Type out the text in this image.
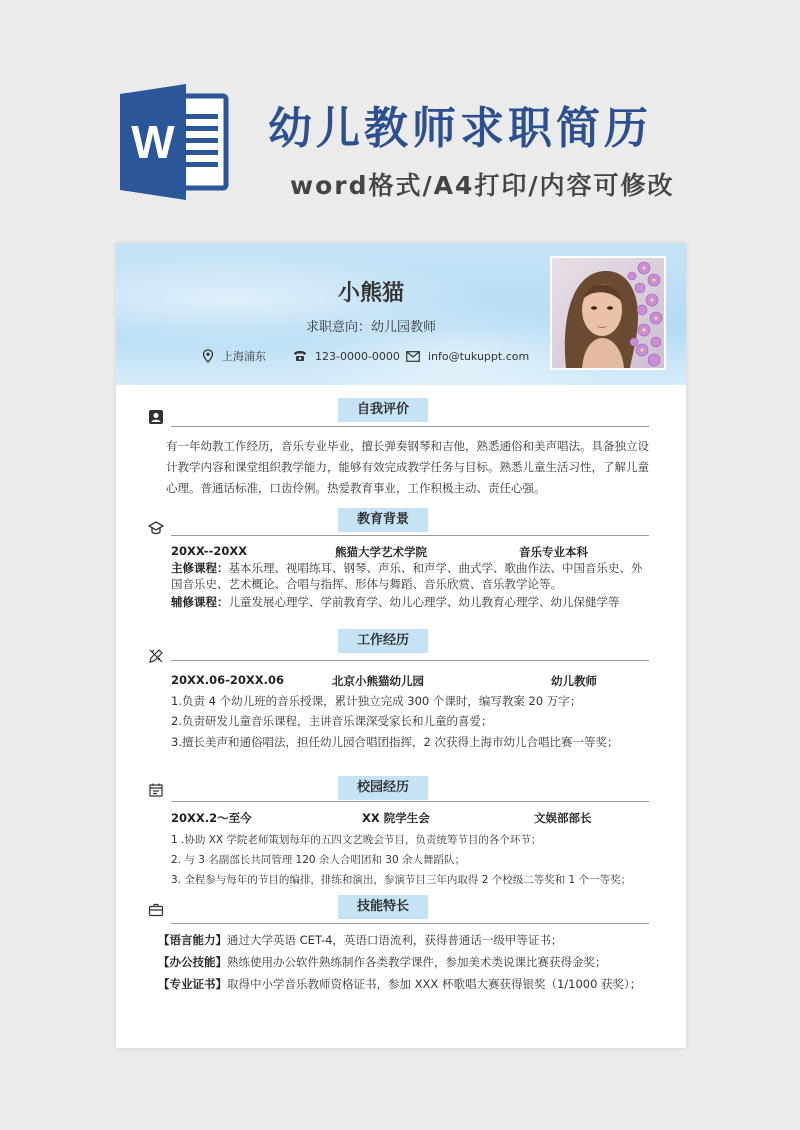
W 幼儿教师求职简历
word格式/A4打印/内容可修改
小熊猫
求职意向：幼儿园教师
上海浦东	123-0000-0000	info@tukuppt.com
自我评价
有一年幼教工作经历，音乐专业毕业，擅长弹奏钢琴和吉他，熟悉通俗和美声唱法。具备独立设
计教学内容和课堂组织教学能力，能够有效完成教学任务与目标。熟悉儿童生活习性，了解儿童
心理。普通话标准，口齿伶俐。热爱教育事业，工作积极主动、责任心强。
教育背景
20XX--20XX	熊猫大学艺术学院	音乐专业本科
主修课程：基本乐理、视唱练耳、钢琴、声乐、和声学、曲式学、歌曲作法、中国音乐史、外
国音乐史、艺术概论、合唱与指挥、形体与舞蹈、音乐欣赏、音乐教学论等。
辅修课程：儿童发展心理学、学前教育学、幼儿心理学、幼儿教育心理学、幼儿保健学等
工作经历
20XX.06-20XX.06	北京小熊猫幼儿园	幼儿教师
1.负责 4 个幼儿班的音乐授课，累计独立完成 300 个课时，编写教案 20 万字；
2.负责研发儿童音乐课程，主讲音乐课深受家长和儿童的喜爱；
3.擅长美声和通俗唱法，担任幼儿园合唱团指挥，2 次获得上海市幼儿合唱比赛一等奖；
校园经历
20XX.2～至今	XX 院学生会	文娱部部长
1 .协助 XX 学院老师策划每年的五四文艺晚会节目，负责统筹节目的各个环节；
2. 与 3 名副部长共同管理 120 余人合唱团和 30 余人舞蹈队；
3. 全程参与每年的节目的编排，排练和演出，参演节目三年内取得 2 个校级二等奖和 1 个一等奖；
技能特长
【语言能力】通过大学英语 CET-4，英语口语流利，获得普通话一级甲等证书；
【办公技能】熟练使用办公软件熟练制作各类教学课件，参加美术类说课比赛获得金奖；
【专业证书】取得中小学音乐教师资格证书，参加 XXX 杯歌唱大赛获得银奖（1/1000 获奖）；
